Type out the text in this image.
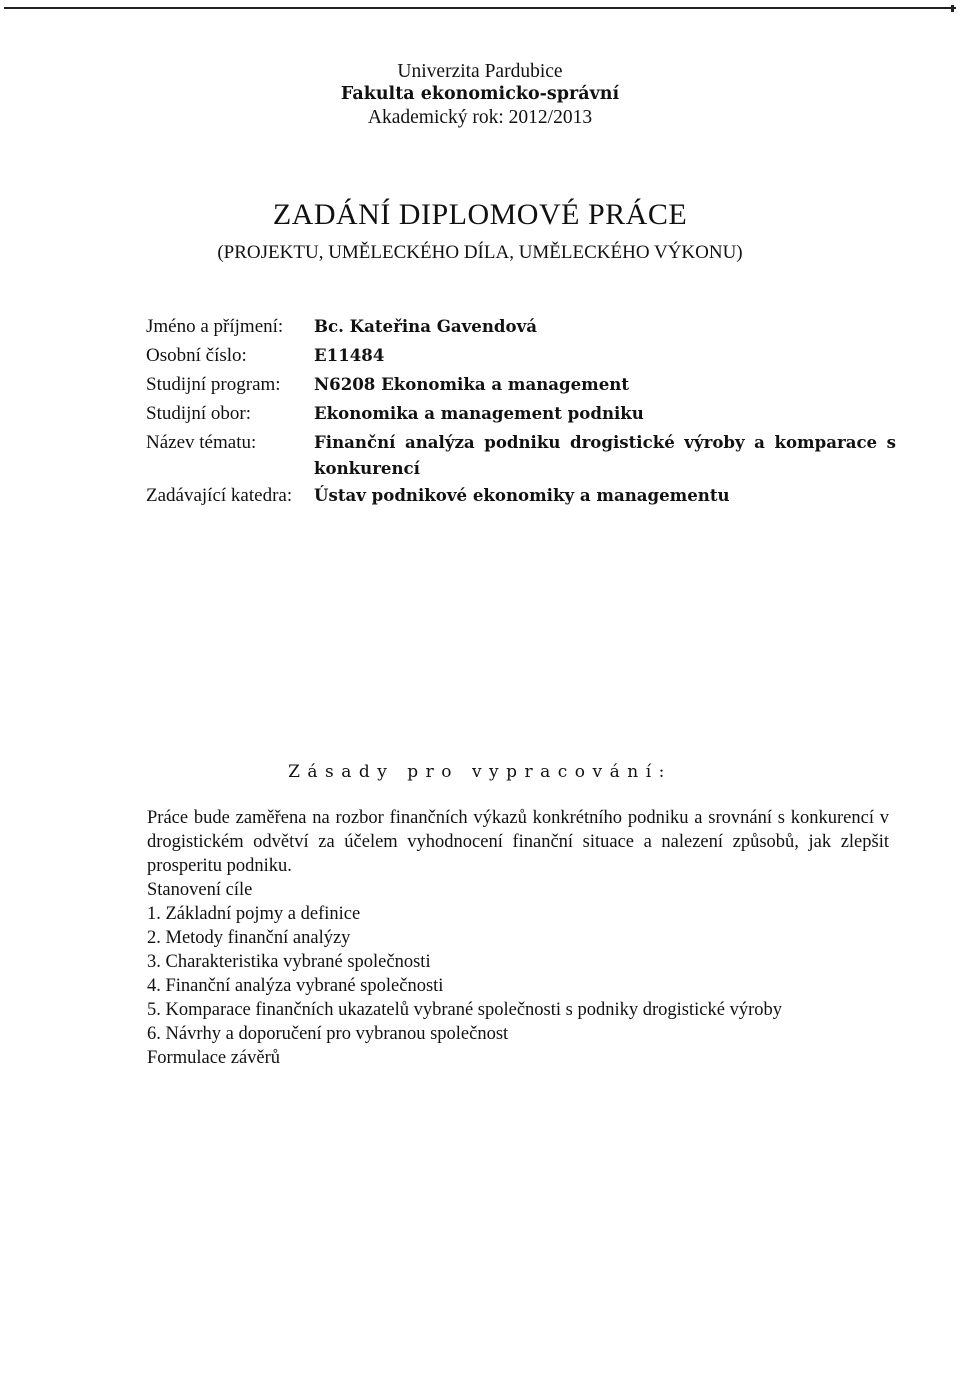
Univerzita Pardubice
Fakulta ekonomicko-správní
Akademický rok: 2012/2013
ZADÁNÍ DIPLOMOVÉ PRÁCE
(PROJEKTU, UMĚLECKÉHO DÍLA, UMĚLECKÉHO VÝKONU)
Jméno a příjmení:	Bc. Kateřina Gavendová
Osobní číslo:	E11484
Studijní program:	N6208 Ekonomika a management
Studijní obor:	Ekonomika a management podniku
Název tématu:	Finanční analýza podniku drogistické výroby a komparace s konkurencí
Zadávající katedra:	Ústav podnikové ekonomiky a managementu
Zásady pro vypracování:

Práce bude zaměřena na rozbor finančních výkazů konkrétního podniku a srovnání s konkurencí v drogistickém odvětví za účelem vyhodnocení finanční situace a nalezení způsobů, jak zlepšit prosperitu podniku.

Stanovení cíle

1. Základní pojmy a definice

2. Metody finanční analýzy

3. Charakteristika vybrané společnosti

4. Finanční analýza vybrané společnosti

5. Komparace finančních ukazatelů vybrané společnosti s podniky drogistické výroby

6. Návrhy a doporučení pro vybranou společnost

Formulace závěrů
